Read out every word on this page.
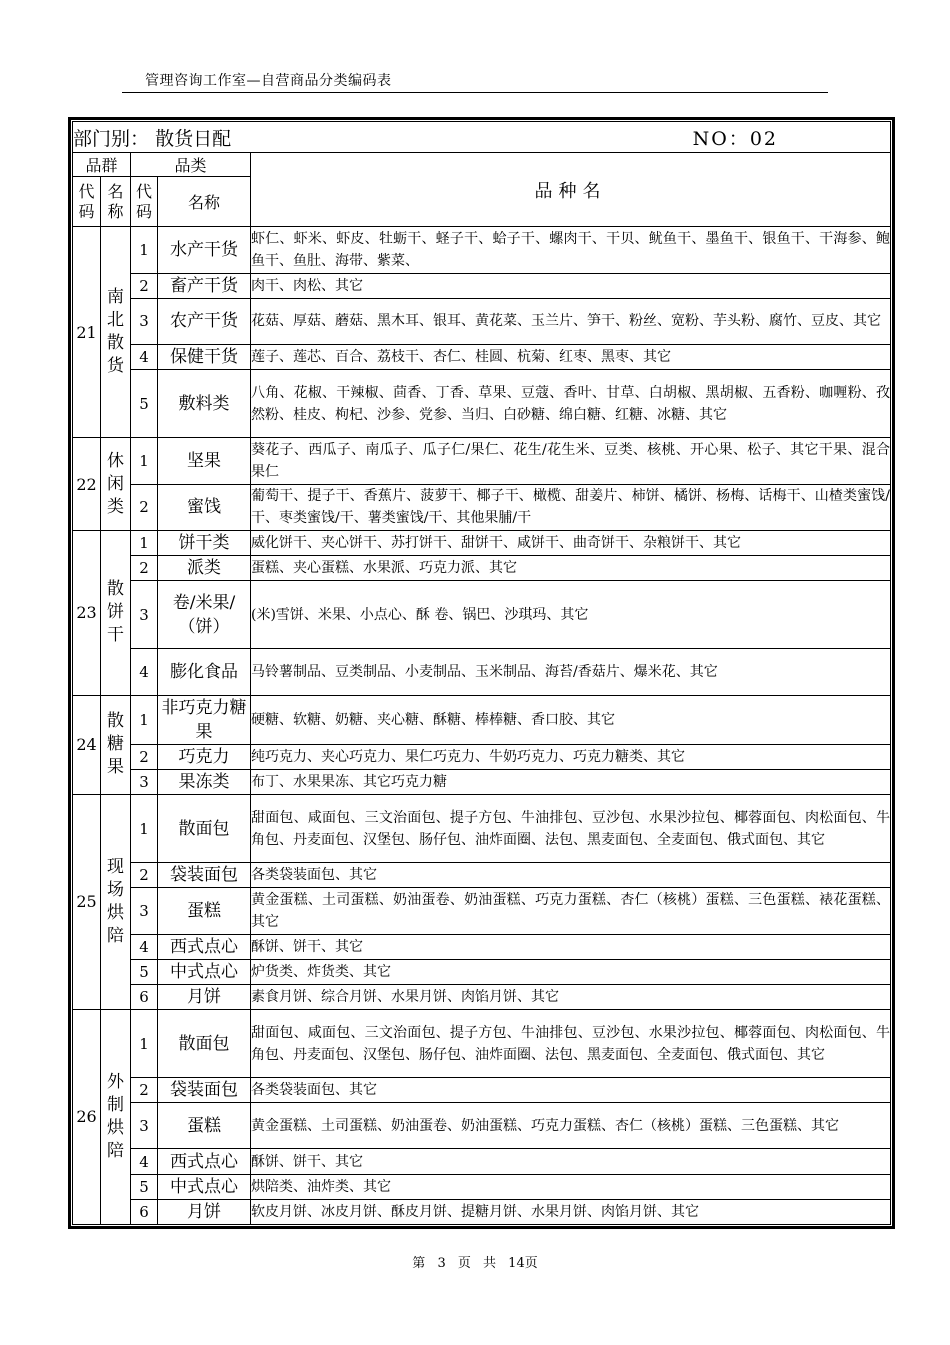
管理咨询工作室—自营商品分类编码表
部门别： 散货日配 NO：02				

品群		品类		品种名
代码	名称	代码	名称	
21	南北散货	1	水产干货	虾仁、虾米、虾皮、牡蛎干、蛏子干、蛤子干、螺肉干、干贝、鱿鱼干、墨鱼干、银鱼干、干海参、鲍鱼干、鱼肚、海带、紫菜、
		2	畜产干货	肉干、肉松、其它
		3	农产干货	花菇、厚菇、蘑菇、黑木耳、银耳、黄花菜、玉兰片、笋干、粉丝、宽粉、芋头粉、腐竹、豆皮、其它
		4	保健干货	莲子、莲芯、百合、荔枝干、杏仁、桂圆、杭菊、红枣、黑枣、其它
		5	敷料类	八角、花椒、干辣椒、茴香、丁香、草果、豆蔻、香叶、甘草、白胡椒、黑胡椒、五香粉、咖喱粉、孜然粉、桂皮、枸杞、沙参、党参、当归、白砂糖、绵白糖、红糖、冰糖、其它
22	休闲类	1	坚果	葵花子、西瓜子、南瓜子、瓜子仁/果仁、花生/花生米、豆类、核桃、开心果、松子、其它干果、混合果仁
		2	蜜饯	葡萄干、提子干、香蕉片、菠萝干、椰子干、橄榄、甜姜片、柿饼、橘饼、杨梅、话梅干、山楂类蜜饯/干、枣类蜜饯/干、薯类蜜饯/干、其他果脯/干
23	散饼干	1	饼干类	威化饼干、夹心饼干、苏打饼干、甜饼干、咸饼干、曲奇饼干、杂粮饼干、其它
		2	派类	蛋糕、夹心蛋糕、水果派、巧克力派、其它
		3	卷/米果/（饼）	(米)雪饼、米果、小点心、酥 卷、锅巴、沙琪玛、其它
		4	膨化食品	马铃薯制品、豆类制品、小麦制品、玉米制品、海苔/香菇片、爆米花、其它
24	散糖果	1	非巧克力糖果	硬糖、软糖、奶糖、夹心糖、酥糖、棒棒糖、香口胶、其它
		2	巧克力	纯巧克力、夹心巧克力、果仁巧克力、牛奶巧克力、巧克力糖类、其它
		3	果冻类	布丁、水果果冻、其它巧克力糖
25	现场烘陪	1	散面包	甜面包、咸面包、三文治面包、提子方包、牛油排包、豆沙包、水果沙拉包、椰蓉面包、肉松面包、牛角包、丹麦面包、汉堡包、肠仔包、油炸面圈、法包、黑麦面包、全麦面包、俄式面包、其它
		2	袋装面包	各类袋装面包、其它
		3	蛋糕	黄金蛋糕、土司蛋糕、奶油蛋卷、奶油蛋糕、巧克力蛋糕、杏仁（核桃）蛋糕、三色蛋糕、裱花蛋糕、其它
		4	西式点心	酥饼、饼干、其它
		5	中式点心	炉货类、炸货类、其它
		6	月饼	素食月饼、综合月饼、水果月饼、肉馅月饼、其它
26	外制烘陪	1	散面包	甜面包、咸面包、三文治面包、提子方包、牛油排包、豆沙包、水果沙拉包、椰蓉面包、肉松面包、牛角包、丹麦面包、汉堡包、肠仔包、油炸面圈、法包、黑麦面包、全麦面包、俄式面包、其它
		2	袋装面包	各类袋装面包、其它
		3	蛋糕	黄金蛋糕、土司蛋糕、奶油蛋卷、奶油蛋糕、巧克力蛋糕、杏仁（核桃）蛋糕、三色蛋糕、其它
		4	西式点心	酥饼、饼干、其它
		5	中式点心	烘陪类、油炸类、其它
		6	月饼	软皮月饼、冰皮月饼、酥皮月饼、提糖月饼、水果月饼、肉馅月饼、其它
第 3 页 共 14页
